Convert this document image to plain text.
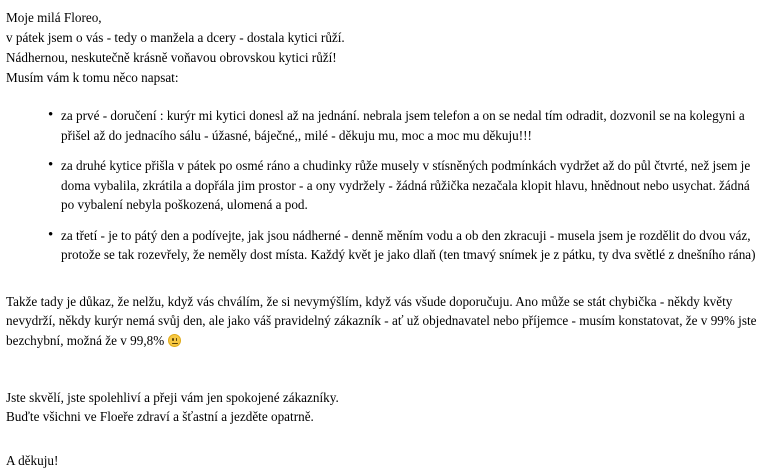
Moje milá Floreo,

v pátek jsem o vás - tedy o manžela a dcery - dostala kytici růží.

Nádhernou, neskutečně krásně voňavou obrovskou kytici růží!

Musím vám k tomu něco napsat:

• za prvé - doručení : kurýr mi kytici donesl až na jednání. nebrala jsem telefon a on se nedal tím odradit, dozvonil se na kolegyni a přišel až do jednacího sálu - úžasné, báječné,, milé - děkuju mu, moc a moc mu děkuju!!!
• za druhé kytice přišla v pátek po osmé ráno a chudinky růže musely v stísněných podmínkách vydržet až do půl čtvrté, než jsem je doma vybalila, zkrátila a dopřála jim prostor - a ony vydržely - žádná růžička nezačala klopit hlavu, hnědnout nebo usychat. žádná po vybalení nebyla poškozená, ulomená a pod.
• za třetí - je to pátý den a podívejte, jak jsou nádherné - denně měním vodu a ob den zkracuji - musela jsem je rozdělit do dvou váz, protože se tak rozevřely, že neměly dost místa. Každý květ je jako dlaň (ten tmavý snímek je z pátku, ty dva světlé z dnešního rána)

Takže tady je důkaz, že nelžu, když vás chválím, že si nevymýšlím, když vás všude doporučuju. Ano může se stát chybička - někdy květy nevydrží, někdy kurýr nemá svůj den, ale jako váš pravidelný zákazník - ať už objednavatel nebo příjemce - musím konstatovat, že v 99% jste bezchybní, možná že v 99,8%

Jste skvělí, jste spolehliví a přeji vám jen spokojené zákazníky.

Buďte všichni ve Floeře zdraví a šťastní a jezděte opatrně.

A děkuju!
